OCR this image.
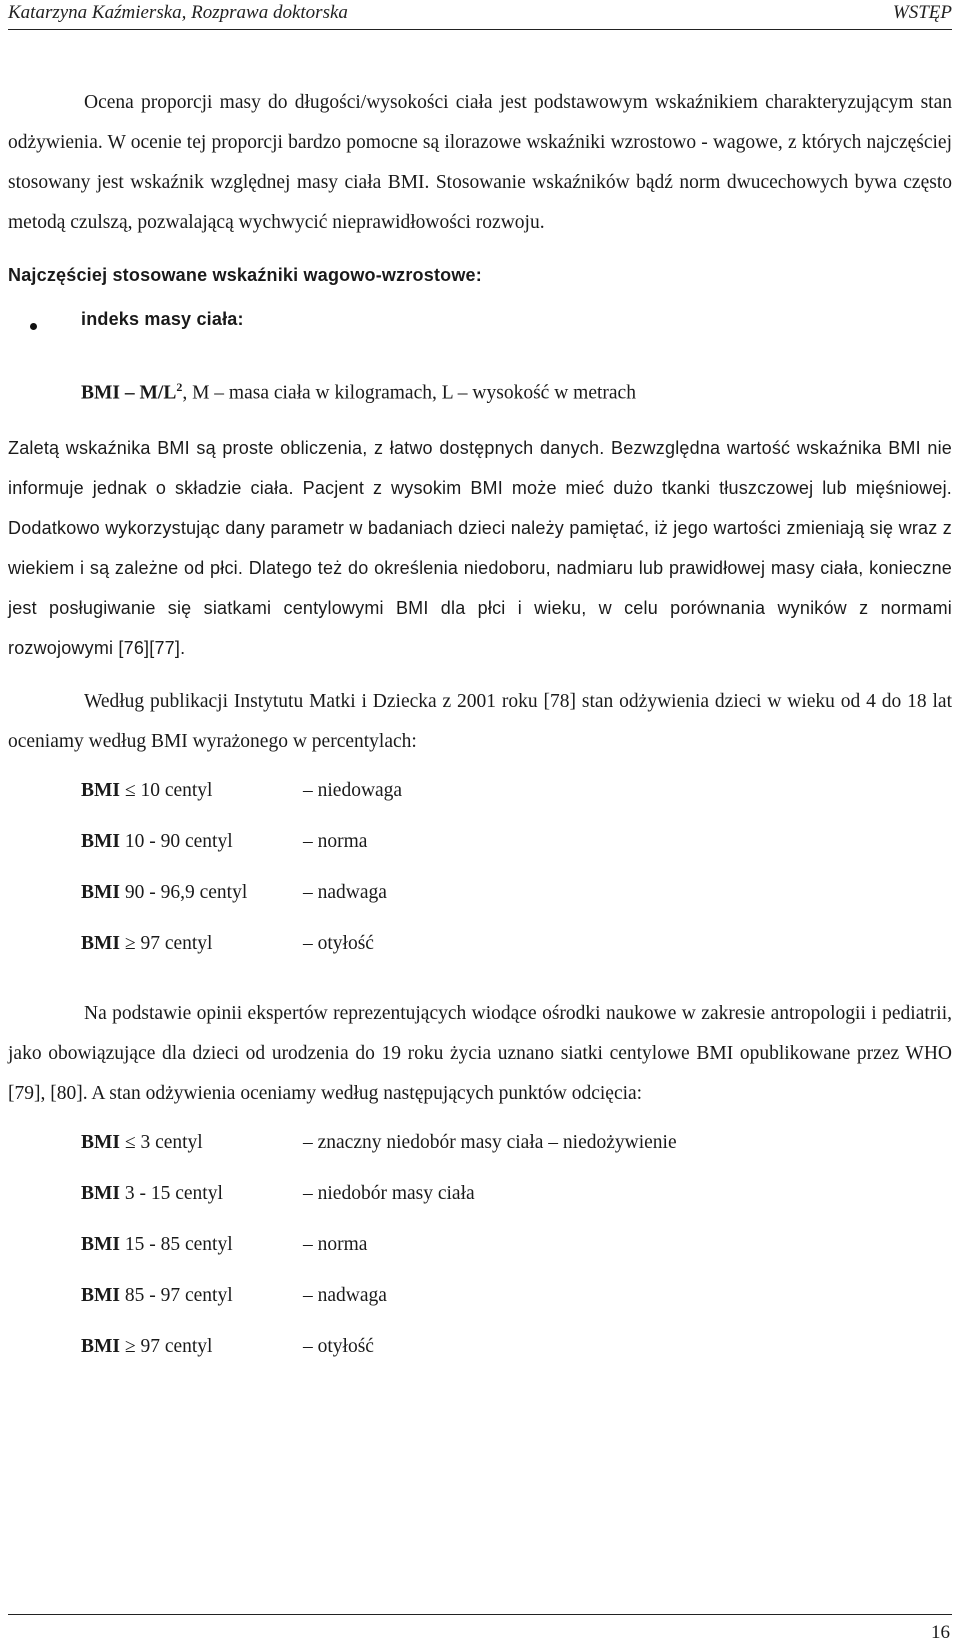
Katarzyna Kaźmierska, Rozprawa doktorska	WSTĘP

Ocena proporcji masy do długości/wysokości ciała jest podstawowym wskaźnikiem charakteryzującym stan odżywienia. W ocenie tej proporcji bardzo pomocne są ilorazowe wskaźniki wzrostowo - wagowe, z których najczęściej stosowany jest wskaźnik względnej masy ciała BMI. Stosowanie wskaźników bądź norm dwucechowych bywa często metodą czulszą, pozwalającą wychwycić nieprawidłowości rozwoju.

Najczęściej stosowane wskaźniki wagowo-wzrostowe:
indeks masy ciała:
BMI – $M/L^2$, M – masa ciała w kilogramach, L – wysokość w metrach

Zaletą wskaźnika BMI są proste obliczenia, z łatwo dostępnych danych. Bezwzględna wartość wskaźnika BMI nie informuje jednak o składzie ciała. Pacjent z wysokim BMI może mieć dużo tkanki tłuszczowej lub mięśniowej. Dodatkowo wykorzystując dany parametr w badaniach dzieci należy pamiętać, iż jego wartości zmieniają się wraz z wiekiem i są zależne od płci. Dlatego też do określenia niedoboru, nadmiaru lub prawidłowej masy ciała, konieczne jest posługiwanie się siatkami centylowymi BMI dla płci i wieku, w celu porównania wyników z normami rozwojowymi [76][77].

Według publikacji Instytutu Matki i Dziecka z 2001 roku [78] stan odżywienia dzieci w wieku od 4 do 18 lat oceniamy według BMI wyrażonego w percentylach:

BMI ≤ 10 centyl	– niedowaga
BMI 10 - 90 centyl	– norma
BMI 90 - 96,9 centyl	– nadwaga
BMI ≥ 97 centyl	– otyłość

Na podstawie opinii ekspertów reprezentujących wiodące ośrodki naukowe w zakresie antropologii i pediatrii, jako obowiązujące dla dzieci od urodzenia do 19 roku życia uznano siatki centylowe BMI opublikowane przez WHO [79], [80]. A stan odżywienia oceniamy według następujących punktów odcięcia:

BMI ≤ 3 centyl	– znaczny niedobór masy ciała – niedożywienie
BMI 3 - 15 centyl	– niedobór masy ciała
BMI 15 - 85 centyl	– norma
BMI 85 - 97 centyl	– nadwaga
BMI ≥ 97 centyl	– otyłość
16
